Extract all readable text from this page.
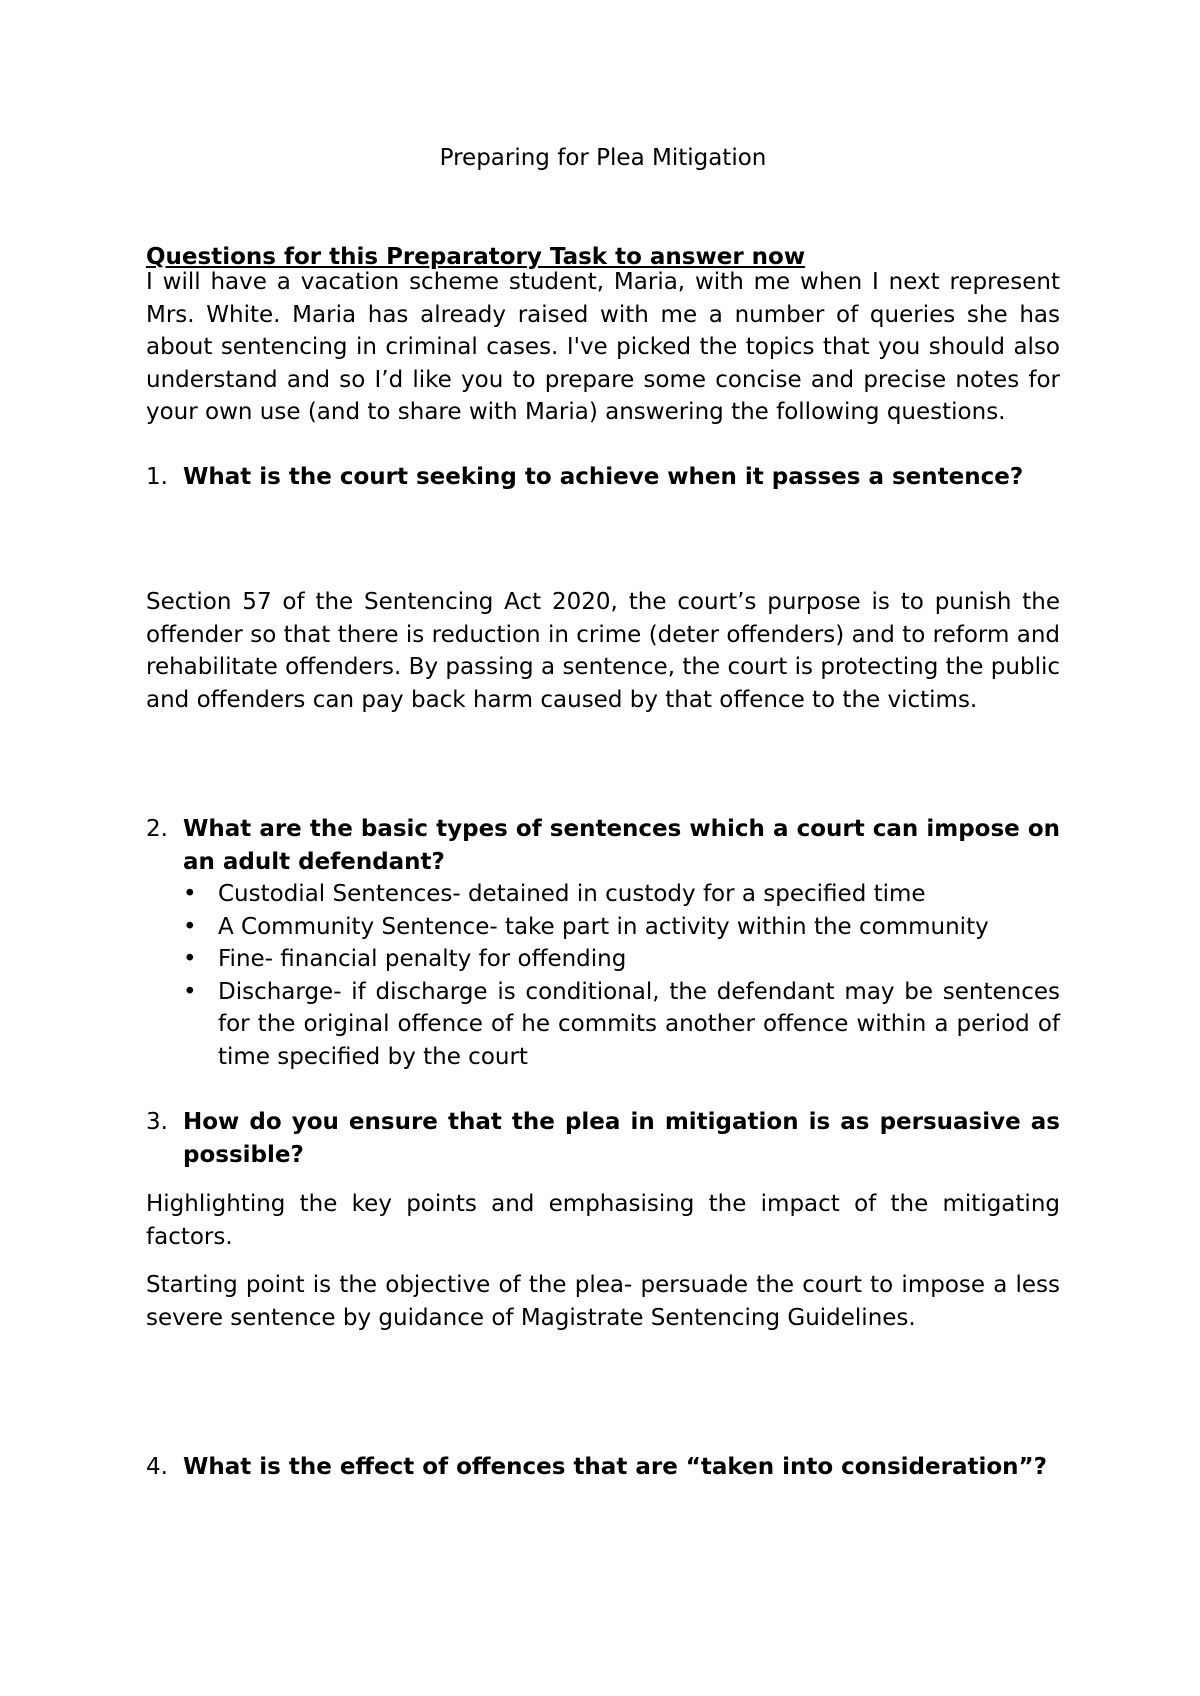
Preparing for Plea Mitigation

Questions for this Preparatory Task to answer now

I will have a vacation scheme student, Maria, with me when I next represent Mrs. White. Maria has already raised with me a number of queries she has about sentencing in criminal cases. I've picked the topics that you should also understand and so I’d like you to prepare some concise and precise notes for your own use (and to share with Maria) answering the following questions.

1. What is the court seeking to achieve when it passes a sentence?

Section 57 of the Sentencing Act 2020, the court’s purpose is to punish the offender so that there is reduction in crime (deter offenders) and to reform and rehabilitate offenders. By passing a sentence, the court is protecting the public and offenders can pay back harm caused by that offence to the victims.

2. What are the basic types of sentences which a court can impose on an adult defendant?

• Custodial Sentences- detained in custody for a specified time
• A Community Sentence- take part in activity within the community
• Fine- financial penalty for offending
• Discharge- if discharge is conditional, the defendant may be sentences for the original offence of he commits another offence within a period of time specified by the court
3. How do you ensure that the plea in mitigation is as persuasive as possible?

Highlighting the key points and emphasising the impact of the mitigating factors.

Starting point is the objective of the plea- persuade the court to impose a less severe sentence by guidance of Magistrate Sentencing Guidelines.

4. What is the effect of offences that are “taken into consideration”?
